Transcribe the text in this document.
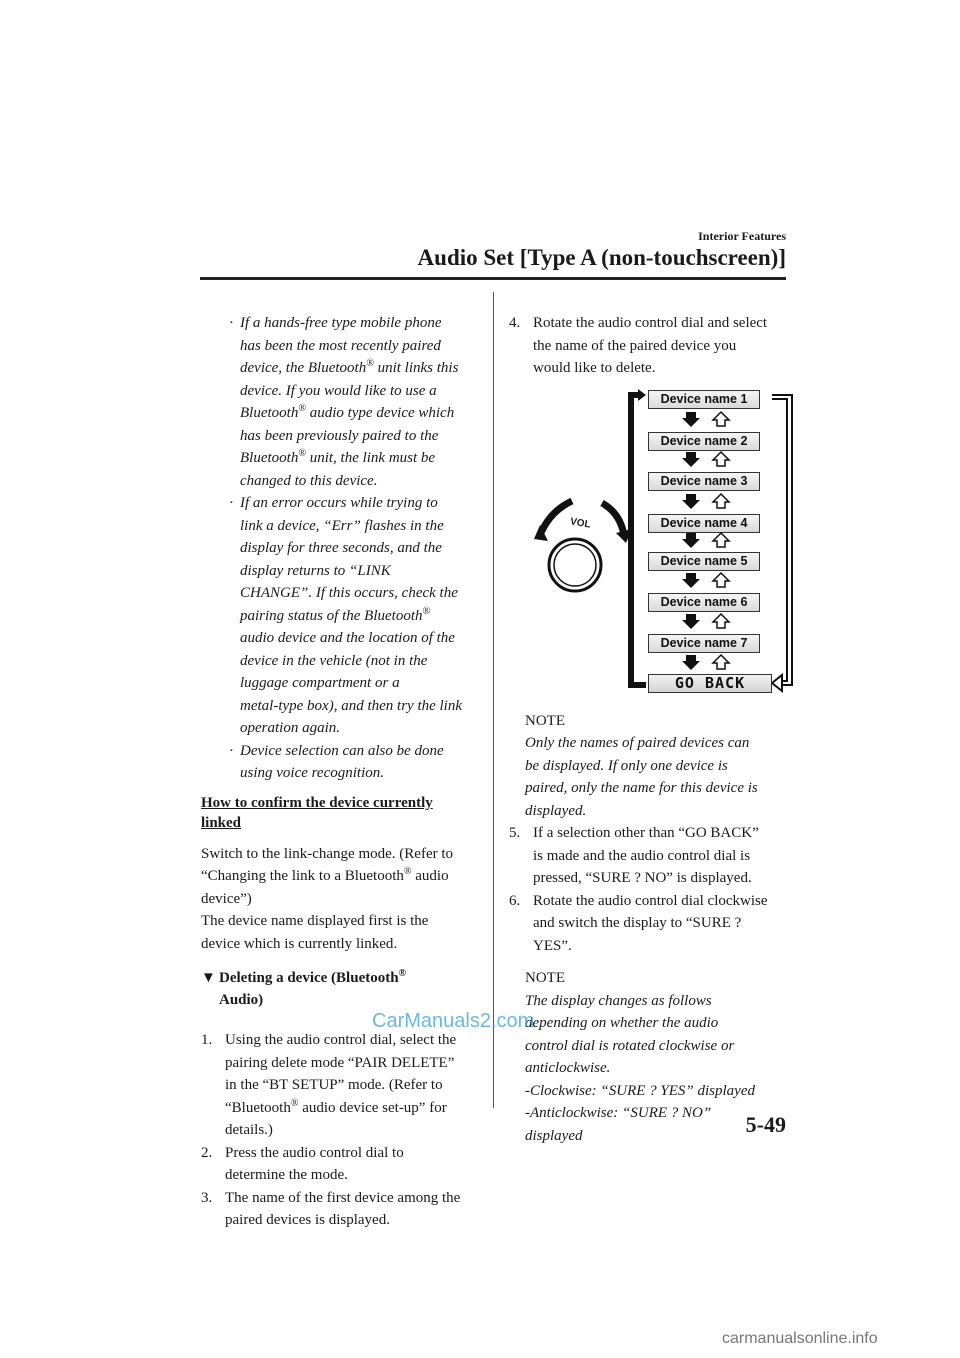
Interior Features
Audio Set [Type A (non-touchscreen)]
· If a hands-free type mobile phone
has been the most recently paired
device, the Bluetooth® unit links this
device. If you would like to use a
Bluetooth® audio type device which
has been previously paired to the
Bluetooth® unit, the link must be
changed to this device.
· If an error occurs while trying to
link a device, “Err” flashes in the
display for three seconds, and the
display returns to “LINK
CHANGE”. If this occurs, check the
pairing status of the Bluetooth®
audio device and the location of the
device in the vehicle (not in the
luggage compartment or a
metal-type box), and then try the link
operation again.
· Device selection can also be done
using voice recognition.
How to confirm the device currently
linked
Switch to the link-change mode. (Refer to
“Changing the link to a Bluetooth® audio
device”)
The device name displayed first is the
device which is currently linked.
▼ Deleting a device (Bluetooth®
Audio)
1. Using the audio control dial, select the
pairing delete mode “PAIR DELETE”
in the “BT SETUP” mode. (Refer to
“Bluetooth® audio device set-up” for
details.)
2. Press the audio control dial to
determine the mode.
3. The name of the first device among the
paired devices is displayed.
4. Rotate the audio control dial and select
the name of the paired device you
would like to delete.
NOTE
Only the names of paired devices can
be displayed. If only one device is
paired, only the name for this device is
displayed.
5. If a selection other than “GO BACK”
is made and the audio control dial is
pressed, “SURE ? NO” is displayed.
6. Rotate the audio control dial clockwise
and switch the display to “SURE ?
YES”.
NOTE
The display changes as follows
depending on whether the audio
control dial is rotated clockwise or
anticlockwise.
-Clockwise: “SURE ? YES” displayed
-Anticlockwise: “SURE ? NO”
displayed
VOL
Device name 1
Device name 2
Device name 3
Device name 4
Device name 5
Device name 6
Device name 7
GO BACK
5-49
CarManuals2.com
carmanualsonline.info
